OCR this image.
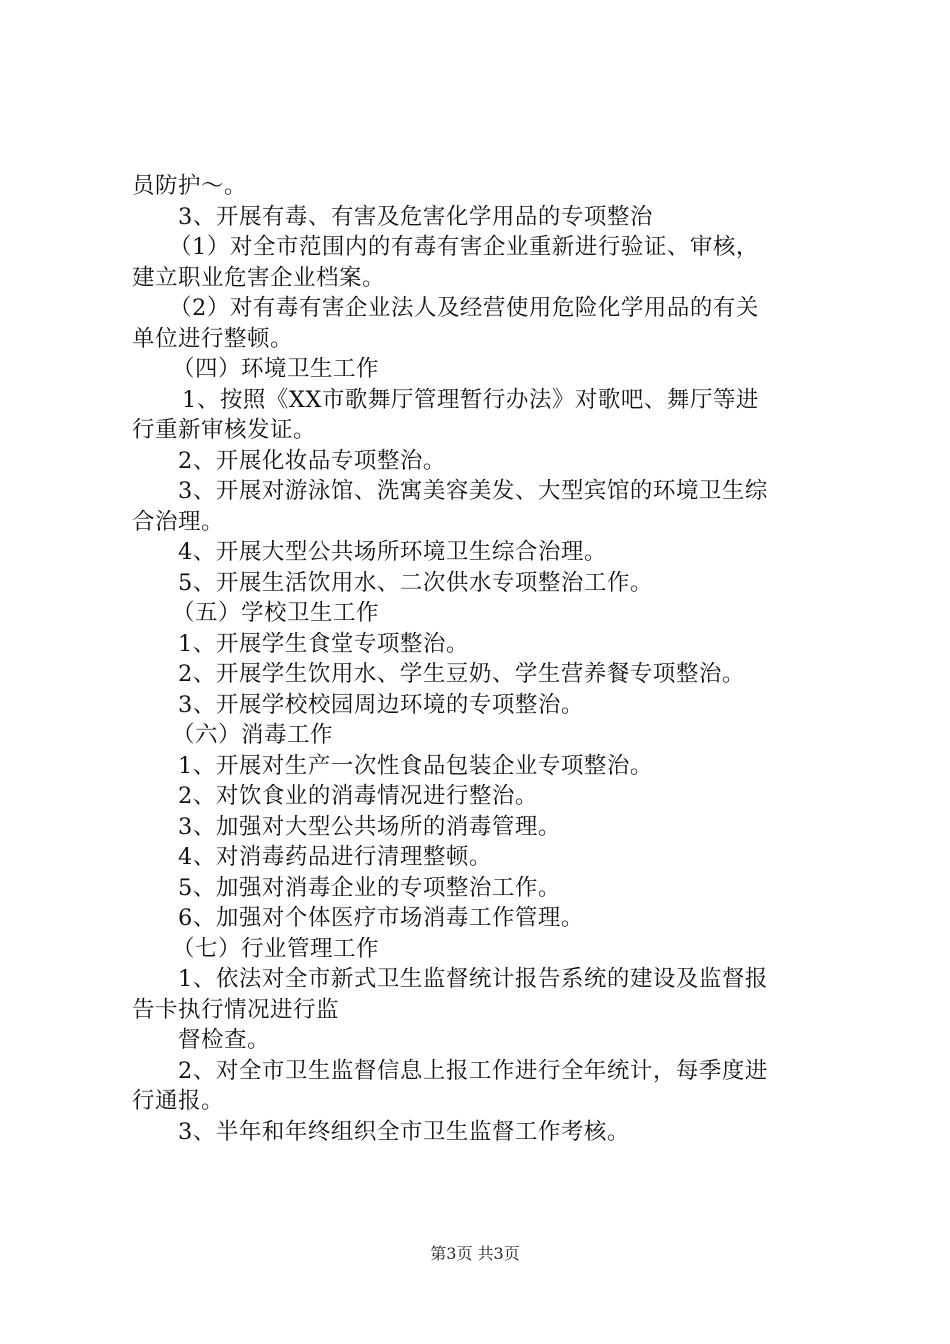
员防护～。
3、开展有毒、有害及危害化学用品的专项整治
（1）对全市范围内的有毒有害企业重新进行验证、审核，
建立职业危害企业档案。
（2）对有毒有害企业法人及经营使用危险化学用品的有关
单位进行整顿。
（四）环境卫生工作
1、按照《XX市歌舞厅管理暂行办法》对歌吧、舞厅等进
行重新审核发证。
2、开展化妆品专项整治。
3、开展对游泳馆、洗寓美容美发、大型宾馆的环境卫生综
合治理。
4、开展大型公共场所环境卫生综合治理。
5、开展生活饮用水、二次供水专项整治工作。
（五）学校卫生工作
1、开展学生食堂专项整治。
2、开展学生饮用水、学生豆奶、学生营养餐专项整治。
3、开展学校校园周边环境的专项整治。
（六）消毒工作
1、开展对生产一次性食品包装企业专项整治。
2、对饮食业的消毒情况进行整治。
3、加强对大型公共场所的消毒管理。
4、对消毒药品进行清理整顿。
5、加强对消毒企业的专项整治工作。
6、加强对个体医疗市场消毒工作管理。
（七）行业管理工作
1、依法对全市新式卫生监督统计报告系统的建设及监督报
告卡执行情况进行监
督检查。
2、对全市卫生监督信息上报工作进行全年统计，每季度进
行通报。
3、半年和年终组织全市卫生监督工作考核。
第3页 共3页
